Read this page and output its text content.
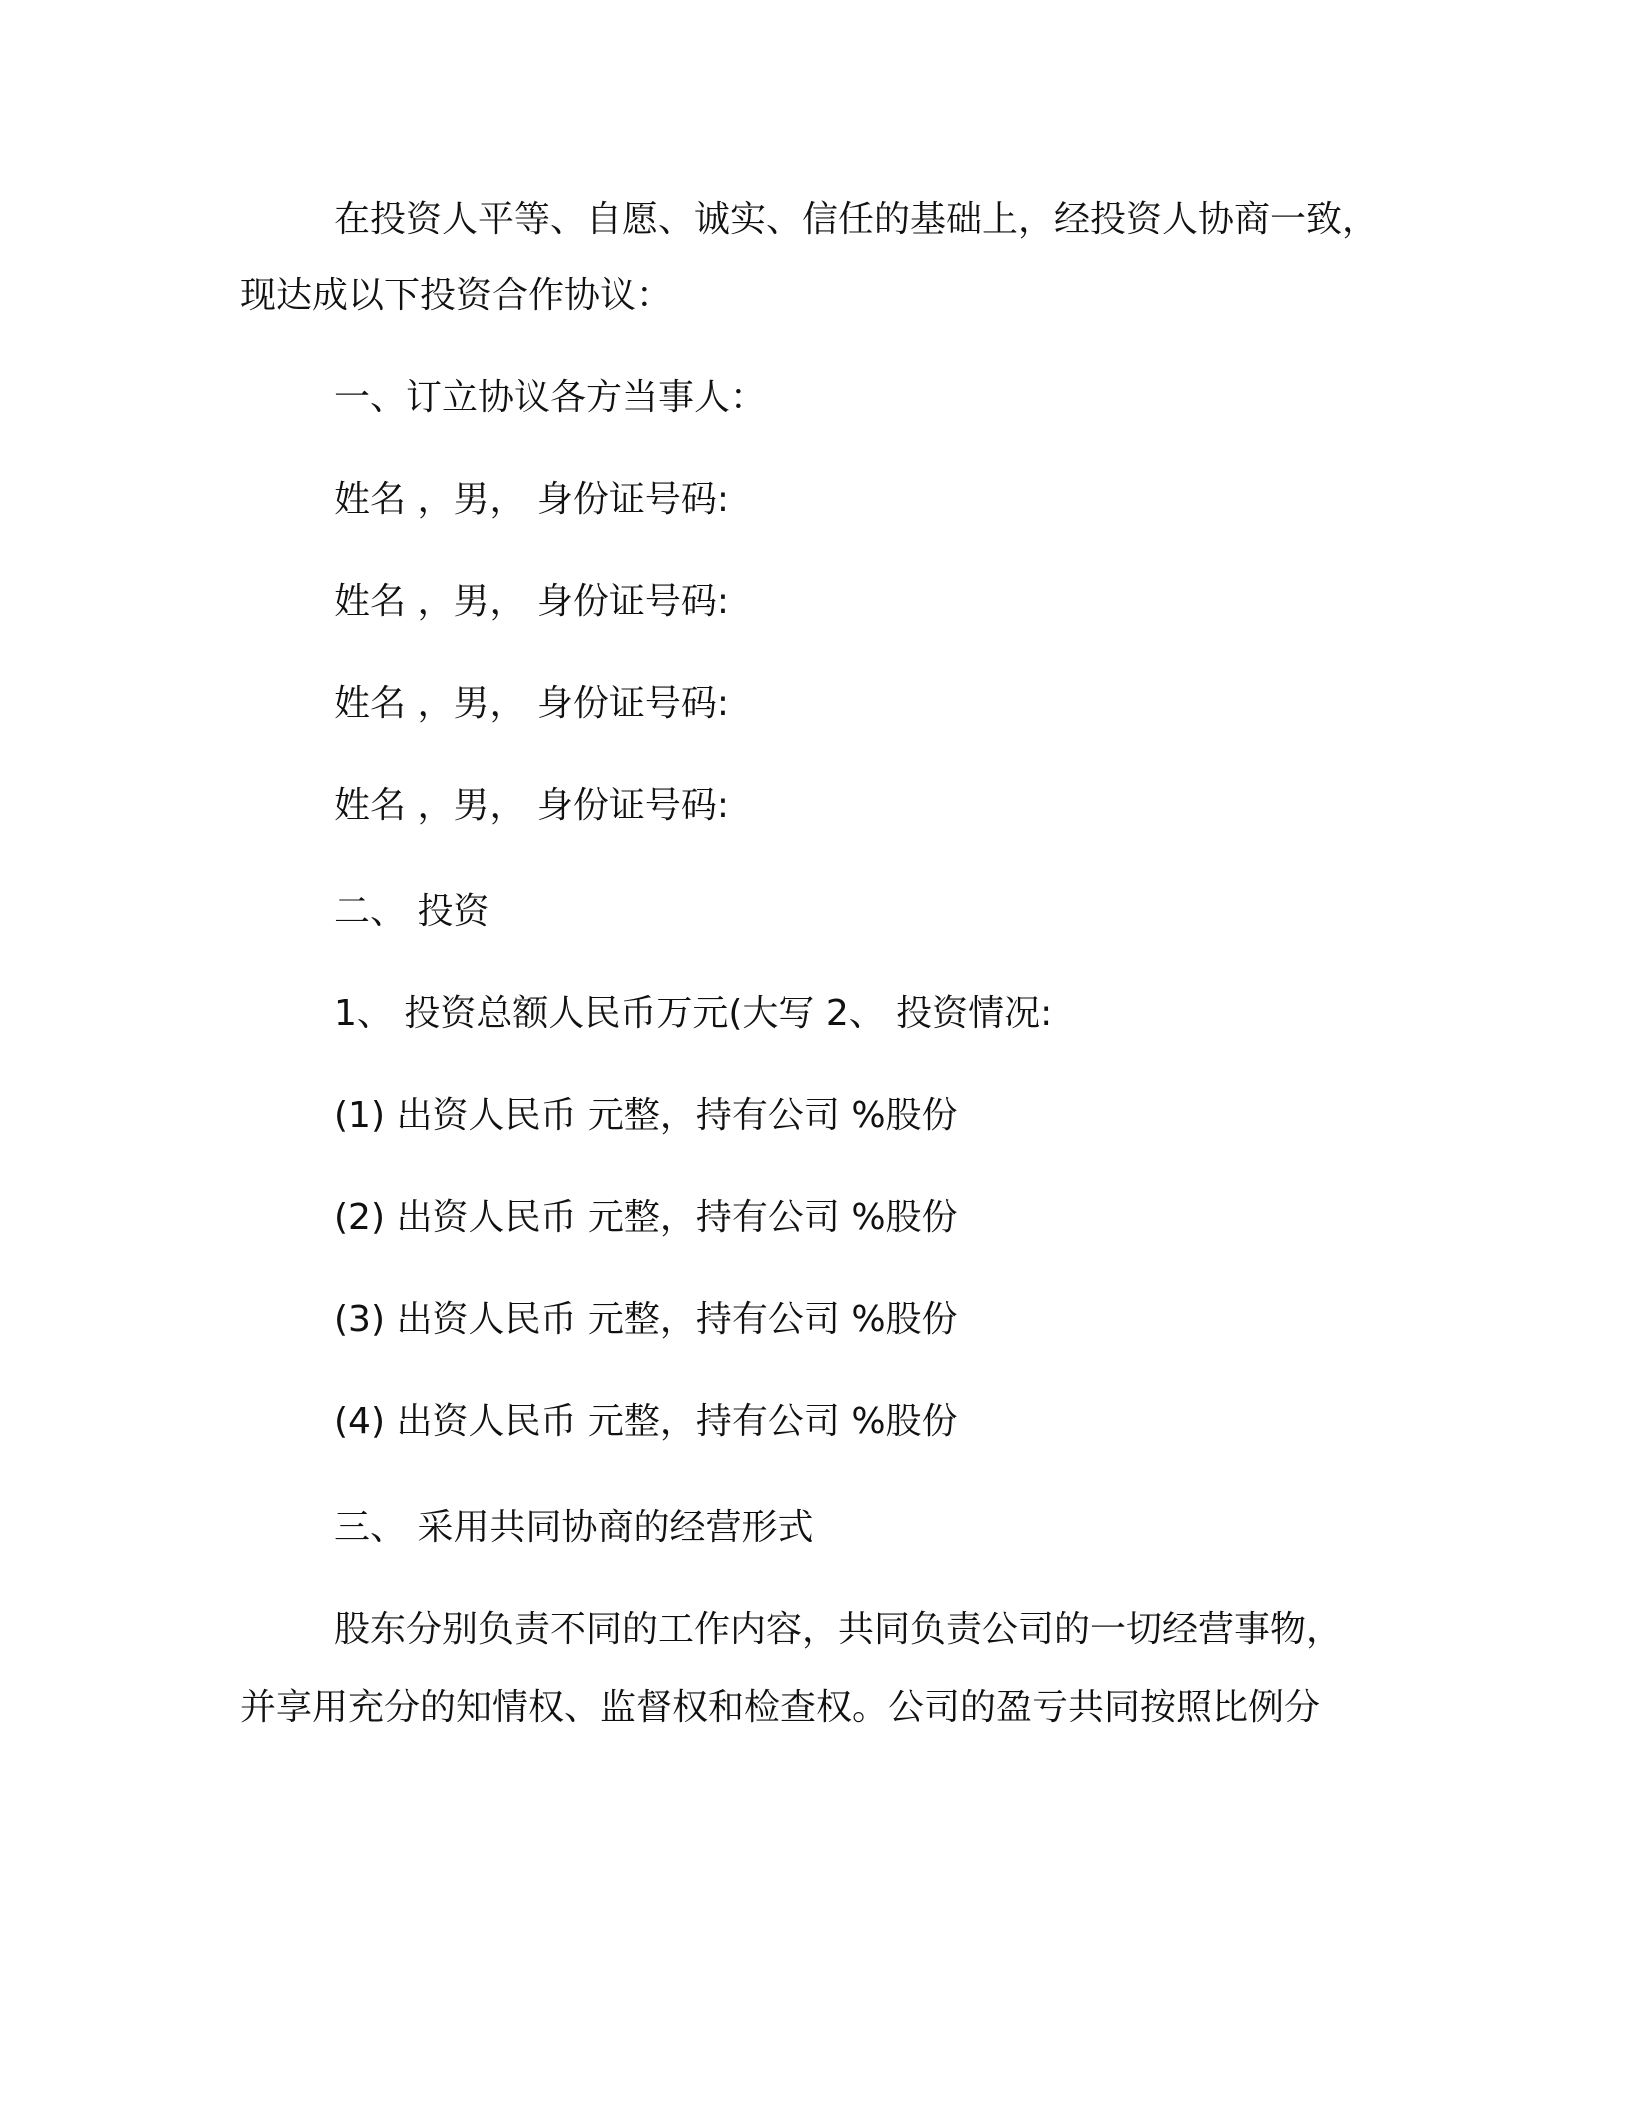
在投资人平等、自愿、诚实、信任的基础上，经投资人协商一致，

现达成以下投资合作协议：

一、订立协议各方当事人：

姓名 ，男， 身份证号码:

姓名 ，男， 身份证号码:

姓名 ，男， 身份证号码:

姓名 ，男， 身份证号码:

二、 投资

1、 投资总额人民币万元(大写 2、 投资情况:

(1) 出资人民币 元整，持有公司 %股份

(2) 出资人民币 元整，持有公司 %股份

(3) 出资人民币 元整，持有公司 %股份

(4) 出资人民币 元整，持有公司 %股份

三、 采用共同协商的经营形式

股东分别负责不同的工作内容，共同负责公司的一切经营事物，

并享用充分的知情权、监督权和检查权。公司的盈亏共同按照比例分
